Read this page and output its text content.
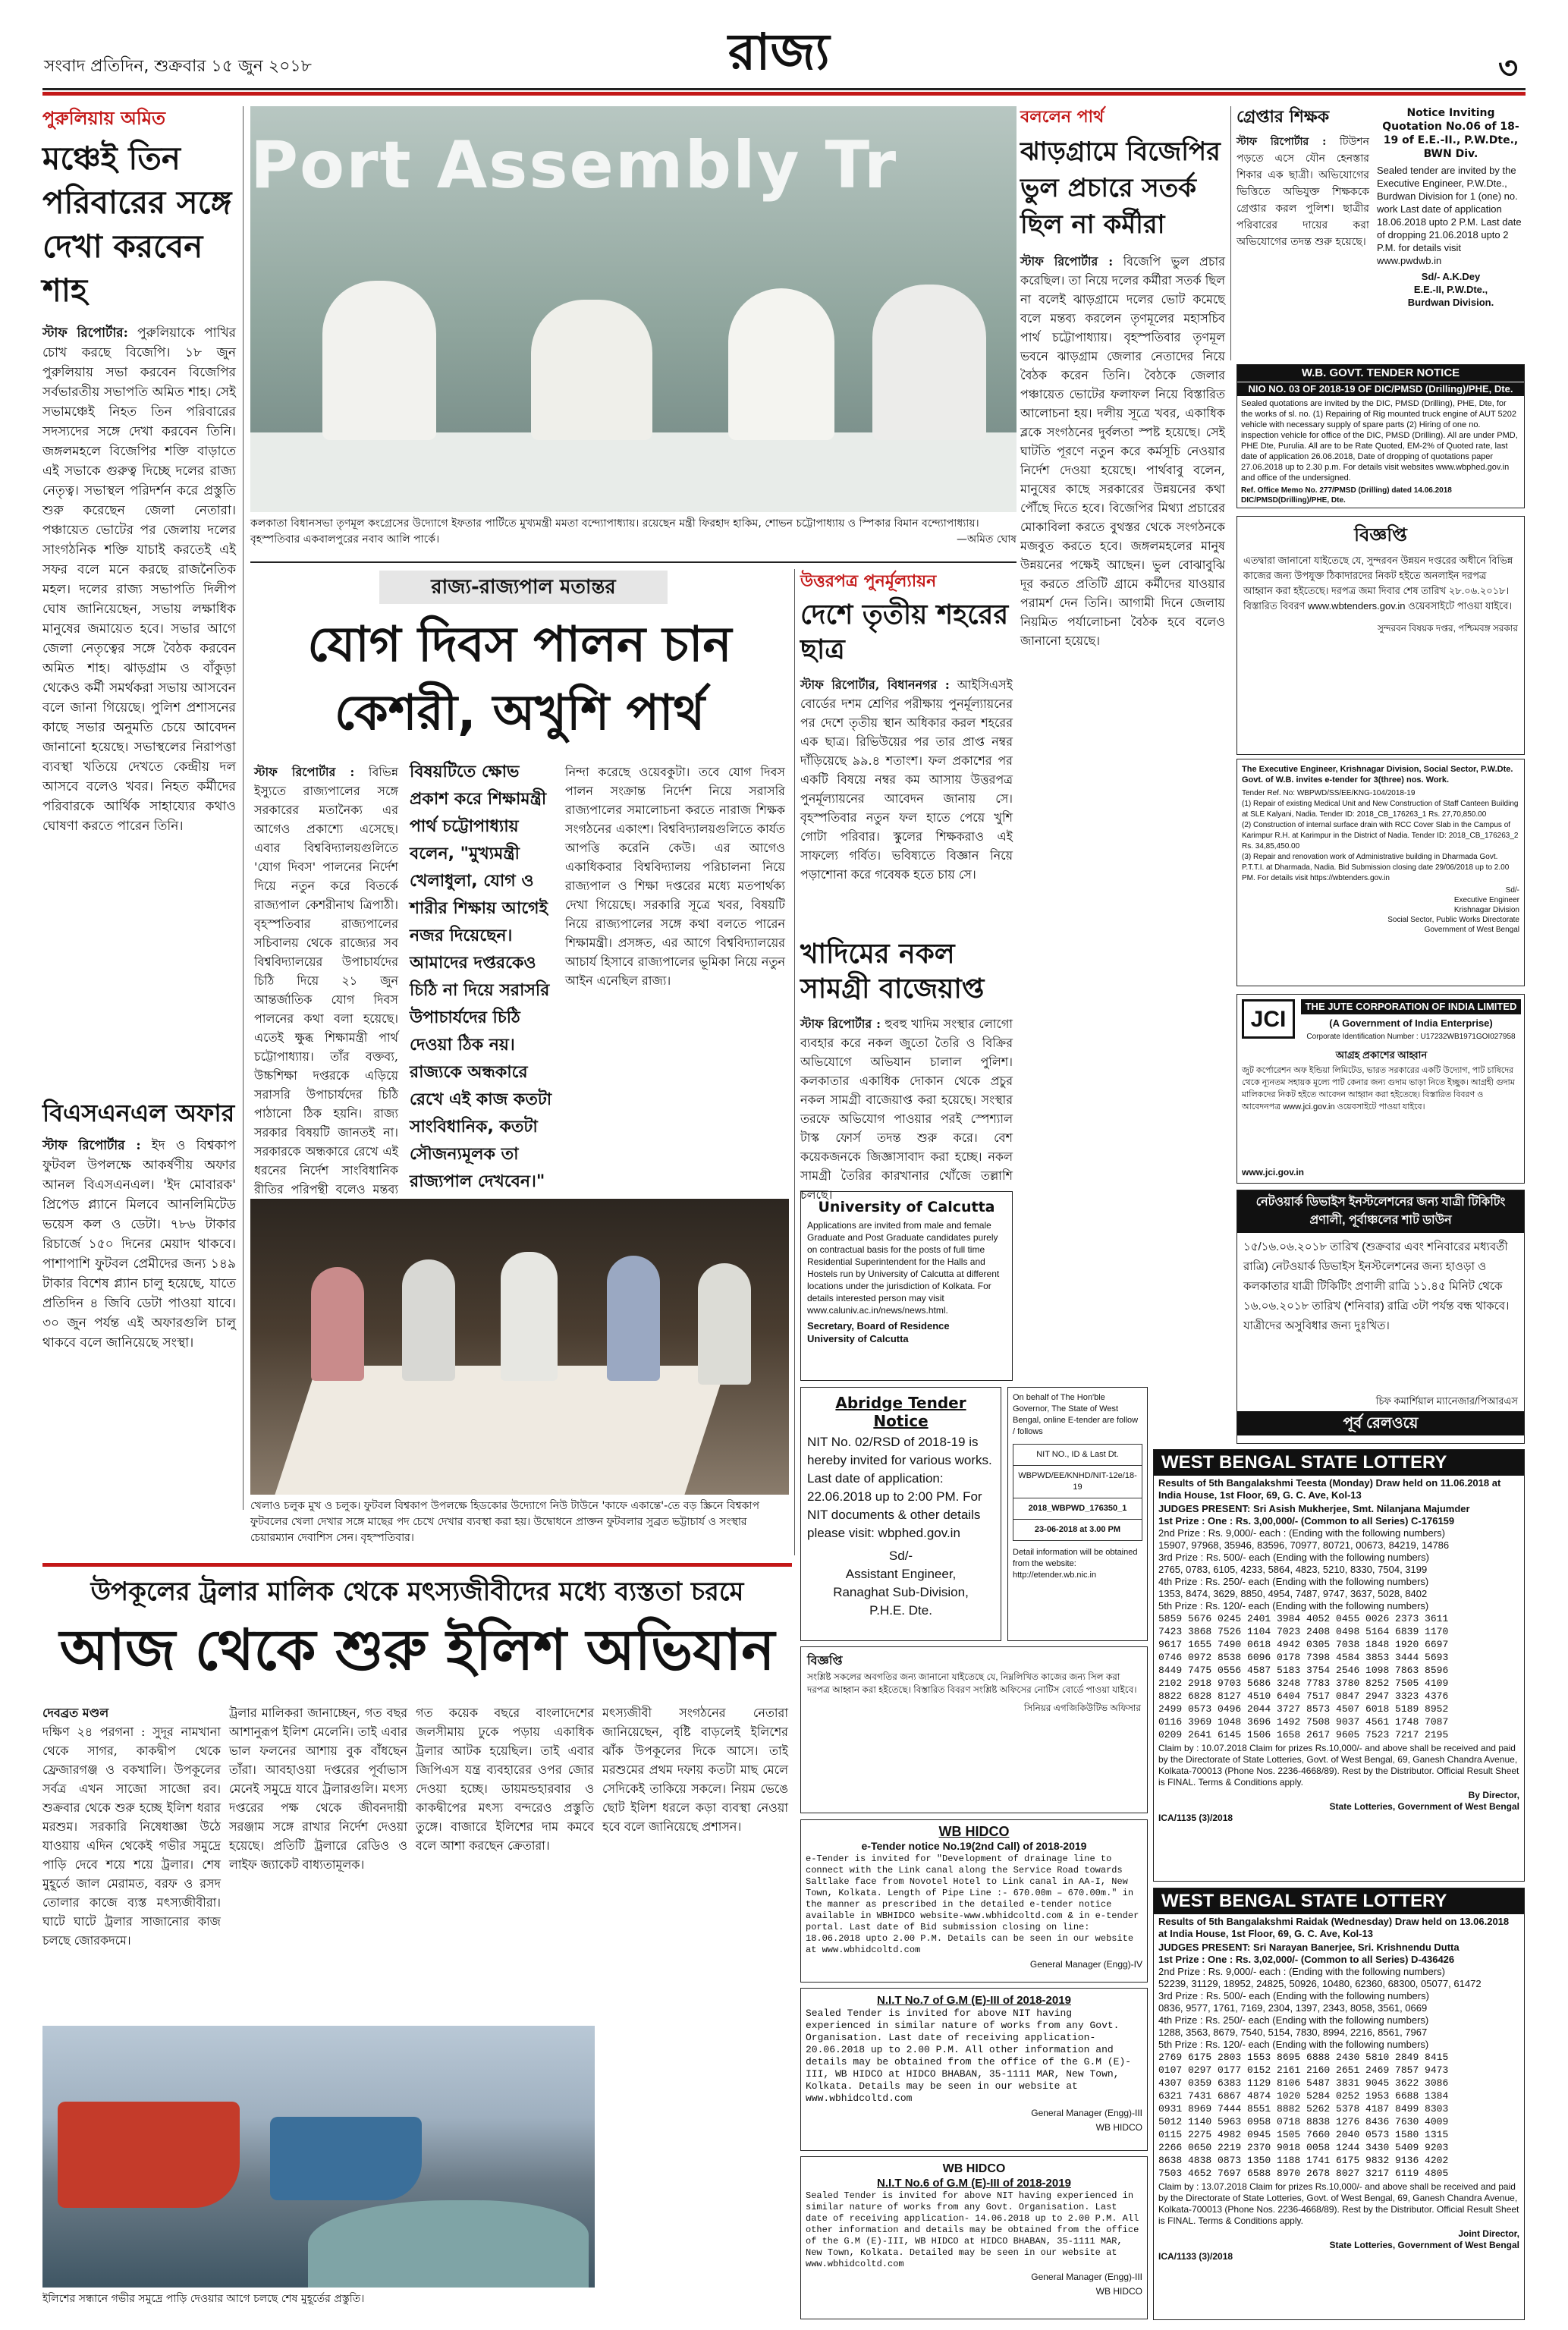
সংবাদ প্রতিদিন, শুক্রবার ১৫ জুন ২০১৮	রাজ্য	৩
পুরুলিয়ায় অমিত
মঞ্চেই তিন পরিবারের সঙ্গে দেখা করবেন শাহ
স্টাফ রিপোর্টার: পুরুলিয়াকে পাখির চোখ করছে বিজেপি। ১৮ জুন পুরুলিয়ায় সভা করবেন বিজেপির সর্বভারতীয় সভাপতি অমিত শাহ। সেই সভামঞ্চেই নিহত তিন পরিবারের সদস্যদের সঙ্গে দেখা করবেন তিনি। জঙ্গলমহলে বিজেপির শক্তি বাড়াতে এই সভাকে গুরুত্ব দিচ্ছে দলের রাজ্য নেতৃত্ব। সভাস্থল পরিদর্শন করে প্রস্তুতি শুরু করেছেন জেলা নেতারা। পঞ্চায়েত ভোটের পর জেলায় দলের সাংগঠনিক শক্তি যাচাই করতেই এই সফর বলে মনে করছে রাজনৈতিক মহল। দলের রাজ্য সভাপতি দিলীপ ঘোষ জানিয়েছেন, সভায় লক্ষাধিক মানুষের জমায়েত হবে। সভার আগে জেলা নেতৃত্বের সঙ্গে বৈঠক করবেন অমিত শাহ। ঝাড়গ্রাম ও বাঁকুড়া থেকেও কর্মী সমর্থকরা সভায় আসবেন বলে জানা গিয়েছে। পুলিশ প্রশাসনের কাছে সভার অনুমতি চেয়ে আবেদন জানানো হয়েছে। সভাস্থলের নিরাপত্তা ব্যবস্থা খতিয়ে দেখতে কেন্দ্রীয় দল আসবে বলেও খবর। নিহত কর্মীদের পরিবারকে আর্থিক সাহায্যের কথাও ঘোষণা করতে পারেন তিনি।
বিএসএনএল অফার
স্টাফ রিপোর্টার : ইদ ও বিশ্বকাপ ফুটবল উপলক্ষে আকর্ষণীয় অফার আনল বিএসএনএল। 'ইদ মোবারক' প্রিপেড প্ল্যানে মিলবে আনলিমিটেড ভয়েস কল ও ডেটা। ৭৮৬ টাকার রিচার্জে ১৫০ দিনের মেয়াদ থাকবে। পাশাপাশি ফুটবল প্রেমীদের জন্য ১৪৯ টাকার বিশেষ প্ল্যান চালু হয়েছে, যাতে প্রতিদিন ৪ জিবি ডেটা পাওয়া যাবে। ৩০ জুন পর্যন্ত এই অফারগুলি চালু থাকবে বলে জানিয়েছে সংস্থা।
Port Assembly Tr
কলকাতা বিধানসভা তৃণমূল কংগ্রেসের উদ্যোগে ইফতার পার্টিতে মুখ্যমন্ত্রী মমতা বন্দ্যোপাধ্যায়। রয়েছেন মন্ত্রী ফিরহাদ হাকিম, শোভন চট্টোপাধ্যায় ও স্পিকার বিমান বন্দ্যোপাধ্যায়। বৃহস্পতিবার একবালপুরের নবাব আলি পার্কে।	—অমিত ঘোষ
রাজ্য-রাজ্যপাল মতান্তর
যোগ দিবস পালন চান কেশরী, অখুশি পার্থ
স্টাফ রিপোর্টার : বিভিন্ন ইস্যুতে রাজ্যপালের সঙ্গে সরকারের মতানৈক্য এর আগেও প্রকাশ্যে এসেছে। এবার বিশ্ববিদ্যালয়গুলিতে 'যোগ দিবস' পালনের নির্দেশ দিয়ে নতুন করে বিতর্কে রাজ্যপাল কেশরীনাথ ত্রিপাঠী। বৃহস্পতিবার রাজ্যপালের সচিবালয় থেকে রাজ্যের সব বিশ্ববিদ্যালয়ের উপাচার্যদের চিঠি দিয়ে ২১ জুন আন্তর্জাতিক যোগ দিবস পালনের কথা বলা হয়েছে। এতেই ক্ষুব্ধ শিক্ষামন্ত্রী পার্থ চট্টোপাধ্যায়। তাঁর বক্তব্য, উচ্চশিক্ষা দপ্তরকে এড়িয়ে সরাসরি উপাচার্যদের চিঠি পাঠানো ঠিক হয়নি। রাজ্য সরকার বিষয়টি জানতই না। সরকারকে অন্ধকারে রেখে এই ধরনের নির্দেশ সাংবিধানিক রীতির পরিপন্থী বলেও মন্তব্য
বিষয়টিতে ক্ষোভ প্রকাশ করে শিক্ষামন্ত্রী পার্থ চট্টোপাধ্যায় বলেন, "মুখ্যমন্ত্রী খেলাধুলা, যোগ ও শারীর শিক্ষায় আগেই নজর দিয়েছেন। আমাদের দপ্তরকেও চিঠি না দিয়ে সরাসরি উপাচার্যদের চিঠি দেওয়া ঠিক নয়। রাজ্যকে অন্ধকারে রেখে এই কাজ কতটা সাংবিধানিক, কতটা সৌজন্যমূলক তা রাজ্যপাল দেখবেন।"
নিন্দা করেছে ওয়েবকুটা। তবে যোগ দিবস পালন সংক্রান্ত নির্দেশ নিয়ে সরাসরি রাজ্যপালের সমালোচনা করতে নারাজ শিক্ষক সংগঠনের একাংশ। বিশ্ববিদ্যালয়গুলিতে কার্যত আপত্তি করেনি কেউ। এর আগেও একাধিকবার বিশ্ববিদ্যালয় পরিচালনা নিয়ে রাজ্যপাল ও শিক্ষা দপ্তরের মধ্যে মতপার্থক্য দেখা গিয়েছে। সরকারি সূত্রে খবর, বিষয়টি নিয়ে রাজ্যপালের সঙ্গে কথা বলতে পারেন শিক্ষামন্ত্রী। প্রসঙ্গত, এর আগে বিশ্ববিদ্যালয়ের আচার্য হিসাবে রাজ্যপালের ভূমিকা নিয়ে নতুন আইন এনেছিল রাজ্য।
খেলাও চলুক মুখ ও চলুক। ফুটবল বিশ্বকাপ উপলক্ষে হিডকোর উদ্যোগে নিউ টাউনে 'কাফে একান্তে'-তে বড় স্ক্রিনে বিশ্বকাপ ফুটবলের খেলা দেখার সঙ্গে মাছের পদ চেখে দেখার ব্যবস্থা করা হয়। উদ্বোধনে প্রাক্তন ফুটবলার সুব্রত ভট্টাচার্য ও সংস্থার চেয়ারম্যান দেবাশিস সেন। বৃহস্পতিবার।
উত্তরপত্র পুনর্মূল্যায়ন
দেশে তৃতীয় শহরের ছাত্র
স্টাফ রিপোর্টার, বিধাননগর : আইসিএসই বোর্ডের দশম শ্রেণির পরীক্ষায় পুনর্মূল্যায়নের পর দেশে তৃতীয় স্থান অধিকার করল শহরের এক ছাত্র। রিভিউয়ের পর তার প্রাপ্ত নম্বর দাঁড়িয়েছে ৯৯.৪ শতাংশ। ফল প্রকাশের পর একটি বিষয়ে নম্বর কম আসায় উত্তরপত্র পুনর্মূল্যায়নের আবেদন জানায় সে। বৃহস্পতিবার নতুন ফল হাতে পেয়ে খুশি গোটা পরিবার। স্কুলের শিক্ষকরাও এই সাফল্যে গর্বিত। ভবিষ্যতে বিজ্ঞান নিয়ে পড়াশোনা করে গবেষক হতে চায় সে।
খাদিমের নকল সামগ্রী বাজেয়াপ্ত
স্টাফ রিপোর্টার : হুবহু খাদিম সংস্থার লোগো ব্যবহার করে নকল জুতো তৈরি ও বিক্রির অভিযোগে অভিযান চালাল পুলিশ। কলকাতার একাধিক দোকান থেকে প্রচুর নকল সামগ্রী বাজেয়াপ্ত করা হয়েছে। সংস্থার তরফে অভিযোগ পাওয়ার পরই স্পেশ্যাল টাস্ক ফোর্স তদন্ত শুরু করে। বেশ কয়েকজনকে জিজ্ঞাসাবাদ করা হচ্ছে। নকল সামগ্রী তৈরির কারখানার খোঁজে তল্লাশি চলছে।
University of Calcutta
Applications are invited from male and female Graduate and Post Graduate candidates purely on contractual basis for the posts of full time Residential Superintendent for the Halls and Hostels run by University of Calcutta at different locations under the jurisdiction of Kolkata. For details interested person may visit www.caluniv.ac.in/news/news.html.
Secretary, Board of Residence
University of Calcutta
Abridge Tender Notice
NIT No. 02/RSD of 2018-19 is hereby invited for various works. Last date of application: 22.06.2018 up to 2:00 PM. For NIT documents & other details please visit: wbphed.gov.in
Sd/-
Assistant Engineer,
Ranaghat Sub-Division,
P.H.E. Dte.
On behalf of The Hon'ble Governor, The State of West Bengal, online E-tender are follow / follows
NIT NO., ID & Last Dt.
WBPWD/EE/KNHD/NIT-12e/18-19
2018_WBPWD_176350_1
23-06-2018 at 3.00 PM
Detail information will be obtained from the website: http://etender.wb.nic.in
বিজ্ঞপ্তি
সংশ্লিষ্ট সকলের অবগতির জন্য জানানো যাইতেছে যে, নিম্নলিখিত কাজের জন্য সিল করা দরপত্র আহ্বান করা হইতেছে। বিস্তারিত বিবরণ সংশ্লিষ্ট অফিসের নোটিস বোর্ডে পাওয়া যাইবে।
সিনিয়র এগজিকিউটিভ অফিসার
বললেন পার্থ
ঝাড়গ্রামে বিজেপির ভুল প্রচারে সতর্ক ছিল না কর্মীরা
স্টাফ রিপোর্টার : বিজেপি ভুল প্রচার করেছিল। তা নিয়ে দলের কর্মীরা সতর্ক ছিল না বলেই ঝাড়গ্রামে দলের ভোট কমেছে বলে মন্তব্য করলেন তৃণমূলের মহাসচিব পার্থ চট্টোপাধ্যায়। বৃহস্পতিবার তৃণমূল ভবনে ঝাড়গ্রাম জেলার নেতাদের নিয়ে বৈঠক করেন তিনি। বৈঠকে জেলার পঞ্চায়েত ভোটের ফলাফল নিয়ে বিস্তারিত আলোচনা হয়। দলীয় সূত্রে খবর, একাধিক ব্লকে সংগঠনের দুর্বলতা স্পষ্ট হয়েছে। সেই ঘাটতি পূরণে নতুন করে কর্মসূচি নেওয়ার নির্দেশ দেওয়া হয়েছে। পার্থবাবু বলেন, মানুষের কাছে সরকারের উন্নয়নের কথা পৌঁছে দিতে হবে। বিজেপির মিথ্যা প্রচারের মোকাবিলা করতে বুথস্তর থেকে সংগঠনকে মজবুত করতে হবে। জঙ্গলমহলের মানুষ উন্নয়নের পক্ষেই আছেন। ভুল বোঝাবুঝি দূর করতে প্রতিটি গ্রামে কর্মীদের যাওয়ার পরামর্শ দেন তিনি। আগামী দিনে জেলায় নিয়মিত পর্যালোচনা বৈঠক হবে বলেও জানানো হয়েছে।
গ্রেপ্তার শিক্ষক
স্টাফ রিপোর্টার : টিউশন পড়তে এসে যৌন হেনস্তার শিকার এক ছাত্রী। অভিযোগের ভিত্তিতে অভিযুক্ত শিক্ষককে গ্রেপ্তার করল পুলিশ। ছাত্রীর পরিবারের দায়ের করা অভিযোগের তদন্ত শুরু হয়েছে।
Notice Inviting Quotation No.06 of 18-19 of E.E.-II., P.W.Dte., BWN Div.
Sealed tender are invited by the Executive Engineer, P.W.Dte., Burdwan Division for 1 (one) no. work Last date of application 18.06.2018 upto 2 P.M. Last date of dropping 21.06.2018 upto 2 P.M. for details visit www.pwdwb.in
Sd/- A.K.Dey
E.E.-II, P.W.Dte.,
Burdwan Division.
W.B. GOVT. TENDER NOTICE
NIO NO. 03 OF 2018-19 OF DIC/PMSD (Drilling)/PHE, Dte.
Sealed quotations are invited by the DIC, PMSD (Drilling), PHE, Dte, for the works of sl. no. (1) Repairing of Rig mounted truck engine of AUT 5202 vehicle with necessary supply of spare parts (2) Hiring of one no. inspection vehicle for office of the DIC, PMSD (Drilling). All are under PMD, PHE Dte, Purulia. All are to be Rate Quoted, EM-2% of Quoted rate, last date of application 26.06.2018, Date of dropping of quotations paper 27.06.2018 up to 2.30 p.m. For details visit websites www.wbphed.gov.in and office of the undersigned.
Ref. Office Memo No. 277/PMSD (Drilling) dated 14.06.2018 DIC/PMSD(Drilling)/PHE, Dte.
বিজ্ঞপ্তি
এতদ্বারা জানানো যাইতেছে যে, সুন্দরবন উন্নয়ন দপ্তরের অধীনে বিভিন্ন কাজের জন্য উপযুক্ত ঠিকাদারদের নিকট হইতে অনলাইন দরপত্র আহ্বান করা হইতেছে। দরপত্র জমা দিবার শেষ তারিখ ২৮.০৬.২০১৮। বিস্তারিত বিবরণ www.wbtenders.gov.in ওয়েবসাইটে পাওয়া যাইবে।
সুন্দরবন বিষয়ক দপ্তর, পশ্চিমবঙ্গ সরকার
The Executive Engineer, Krishnagar Division, Social Sector, P.W.Dte. Govt. of W.B. invites e-tender for 3(three) nos. Work.
Tender Ref. No: WBPWD/SS/EE/KNG-104/2018-19
(1) Repair of existing Medical Unit and New Construction of Staff Canteen Building at SLE Kalyani, Nadia. Tender ID: 2018_CB_176263_1 Rs. 27,70,850.00
(2) Construction of internal surface drain with RCC Cover Slab in the Campus of Karimpur R.H. at Karimpur in the District of Nadia. Tender ID: 2018_CB_176263_2 Rs. 34,85,450.00
(3) Repair and renovation work of Administrative building in Dharmada Govt. P.T.T.I. at Dharmada, Nadia. Bid Submission closing date 29/06/2018 up to 2.00 PM. For details visit https://wbtenders.gov.in
Sd/-
Executive Engineer
Krishnagar Division
Social Sector, Public Works Directorate
Government of West Bengal
JCI
THE JUTE CORPORATION OF INDIA LIMITED
(A Government of India Enterprise)
Corporate Identification Number : U17232WB1971GOI027958
আগ্রহ প্রকাশের আহ্বান
জুট কর্পোরেশন অফ ইন্ডিয়া লিমিটেড, ভারত সরকারের একটি উদ্যোগ, পাট চাষিদের থেকে ন্যূনতম সহায়ক মূল্যে পাট কেনার জন্য গুদাম ভাড়া নিতে ইচ্ছুক। আগ্রহী গুদাম মালিকদের নিকট হইতে আবেদন আহ্বান করা হইতেছে। বিস্তারিত বিবরণ ও আবেদনপত্র www.jci.gov.in ওয়েবসাইটে পাওয়া যাইবে।
www.jci.gov.in
নেটওয়ার্ক ডিভাইস ইনস্টলেশনের জন্য যাত্রী টিকিটিং প্রণালী, পূর্বাঞ্চলের শাট ডাউন
১৫/১৬.০৬.২০১৮ তারিখ (শুক্রবার এবং শনিবারের মধ্যবর্তী রাত্রি) নেটওয়ার্ক ডিভাইস ইনস্টলেশনের জন্য হাওড়া ও কলকাতার যাত্রী টিকিটিং প্রণালী রাত্রি ১১.৪৫ মিনিট থেকে ১৬.০৬.২০১৮ তারিখ (শনিবার) রাত্রি ৩টা পর্যন্ত বন্ধ থাকবে। যাত্রীদের অসুবিধার জন্য দুঃখিত।
চিফ কমার্শিয়াল ম্যানেজার/পিআরএস
পূর্ব রেলওয়ে
WEST BENGAL STATE LOTTERY
Results of 5th Bangalakshmi Teesta (Monday) Draw held on 11.06.2018 at India House, 1st Floor, 69, G. C. Ave, Kol-13
JUDGES PRESENT: Sri Asish Mukherjee, Smt. Nilanjana Majumder
1st Prize : One : Rs. 3,00,000/- (Common to all Series) C-176159
2nd Prize : Rs. 9,000/- each : (Ending with the following numbers)
15907, 97968, 35946, 83596, 70977, 80721, 00673, 84219, 14786
3rd Prize : Rs. 500/- each (Ending with the following numbers)
2765, 0783, 6105, 4233, 5864, 4823, 5210, 8330, 7504, 3199
4th Prize : Rs. 250/- each (Ending with the following numbers)
1353, 8474, 3629, 8850, 4954, 7487, 9747, 3637, 5028, 8402
5th Prize : Rs. 120/- each (Ending with the following numbers)
5859 5676 0245 2401 3984 4052 0455 0026 2373 3611
7423 3868 7526 1104 7023 2408 0498 5164 6839 1170
9617 1655 7490 0618 4942 0305 7038 1848 1920 6697
0746 0972 8538 6096 0178 7398 4584 3853 3444 5693
8449 7475 0556 4587 5183 3754 2546 1098 7863 8596
2102 2918 9703 5686 3248 7783 3780 8252 7505 4109
8822 6828 8127 4510 6404 7517 0847 2947 3323 4376
2499 0573 0496 2044 3727 8573 4507 6018 5189 8952
0116 3969 1048 3696 1492 7508 9037 4561 1748 7087
0209 2641 6145 1506 1658 2617 9605 7523 7217 2195
Claim by : 10.07.2018 Claim for prizes Rs.10,000/- and above shall be received and paid by the Directorate of State Lotteries, Govt. of West Bengal, 69, Ganesh Chandra Avenue, Kolkata-700013 (Phone Nos. 2236-4668/89). Rest by the Distributor. Official Result Sheet is FINAL. Terms & Conditions apply.
By Director,
State Lotteries, Government of West Bengal
ICA/1135 (3)/2018
WEST BENGAL STATE LOTTERY
Results of 5th Bangalakshmi Raidak (Wednesday) Draw held on 13.06.2018 at India House, 1st Floor, 69, G. C. Ave, Kol-13
JUDGES PRESENT: Sri Narayan Banerjee, Sri. Krishnendu Dutta
1st Prize : One : Rs. 3,02,000/- (Common to all Series) D-436426
2nd Prize : Rs. 9,000/- each : (Ending with the following numbers)
52239, 31129, 18952, 24825, 50926, 10480, 62360, 68300, 05077, 61472
3rd Prize : Rs. 500/- each (Ending with the following numbers)
0836, 9577, 1761, 7169, 2304, 1397, 2343, 8058, 3561, 0669
4th Prize : Rs. 250/- each (Ending with the following numbers)
1288, 3563, 8679, 7540, 5154, 7830, 8994, 2216, 8561, 7967
5th Prize : Rs. 120/- each (Ending with the following numbers)
2769 6175 2803 1553 8695 6888 2430 5810 2849 8415
0107 0297 0177 0152 2161 2160 2651 2469 7857 9473
4307 0359 6383 1129 8106 5487 3831 9045 3622 3086
6321 7431 6867 4874 1020 5284 0252 1953 6688 1384
0931 8969 7444 8551 8882 5262 5378 4187 8499 8303
5012 1140 5963 0958 0718 8838 1276 8436 7630 4009
0115 2275 4982 0945 1505 7660 2040 0573 1580 1315
2266 0650 2219 2370 9018 0058 1244 3430 5409 9203
8638 4838 0873 1350 1188 1741 6175 9832 9136 4202
7503 4652 7697 6588 8970 2678 8027 3217 6119 4805
Claim by : 13.07.2018 Claim for prizes Rs.10,000/- and above shall be received and paid by the Directorate of State Lotteries, Govt. of West Bengal, 69, Ganesh Chandra Avenue, Kolkata-700013 (Phone Nos. 2236-4668/89). Rest by the Distributor. Official Result Sheet is FINAL. Terms & Conditions apply.
Joint Director,
State Lotteries, Government of West Bengal
ICA/1133 (3)/2018
উপকূলের ট্রলার মালিক থেকে মৎস্যজীবীদের মধ্যে ব্যস্ততা চরমে
আজ থেকে শুরু ইলিশ অভিযান
দেবব্রত মণ্ডল
দক্ষিণ ২৪ পরগনা : সুদূর নামখানা থেকে সাগর, কাকদ্বীপ থেকে ফ্রেজারগঞ্জ ও বকখালি। উপকূলের সর্বত্র এখন সাজো সাজো রব। শুক্রবার থেকে শুরু হচ্ছে ইলিশ ধরার মরশুম। সরকারি নিষেধাজ্ঞা উঠে যাওয়ায় এদিন থেকেই গভীর সমুদ্রে পাড়ি দেবে শয়ে শয়ে ট্রলার। শেষ মুহূর্তে জাল মেরামত, বরফ ও রসদ তোলার কাজে ব্যস্ত মৎস্যজীবীরা। ঘাটে ঘাটে ট্রলার সাজানোর কাজ চলছে জোরকদমে।
ট্রলার মালিকরা জানাচ্ছেন, গত বছর আশানুরূপ ইলিশ মেলেনি। তাই এবার ভাল ফলনের আশায় বুক বাঁধছেন তাঁরা। আবহাওয়া দপ্তরের পূর্বাভাস মেনেই সমুদ্রে যাবে ট্রলারগুলি। মৎস্য দপ্তরের পক্ষ থেকে জীবনদায়ী সরঞ্জাম সঙ্গে রাখার নির্দেশ দেওয়া হয়েছে। প্রতিটি ট্রলারে রেডিও ও লাইফ জ্যাকেট বাধ্যতামূলক।
গত কয়েক বছরে বাংলাদেশের জলসীমায় ঢুকে পড়ায় একাধিক ট্রলার আটক হয়েছিল। তাই এবার জিপিএস যন্ত্র ব্যবহারের ওপর জোর দেওয়া হচ্ছে। ডায়মন্ডহারবার ও কাকদ্বীপের মৎস্য বন্দরেও প্রস্তুতি তুঙ্গে। বাজারে ইলিশের দাম কমবে বলে আশা করছেন ক্রেতারা।
মৎস্যজীবী সংগঠনের নেতারা জানিয়েছেন, বৃষ্টি বাড়লেই ইলিশের ঝাঁক উপকূলের দিকে আসে। তাই মরশুমের প্রথম দফায় কতটা মাছ মেলে সেদিকেই তাকিয়ে সকলে। নিয়ম ভেঙে ছোট ইলিশ ধরলে কড়া ব্যবস্থা নেওয়া হবে বলে জানিয়েছে প্রশাসন।
ইলিশের সন্ধানে গভীর সমুদ্রে পাড়ি দেওয়ার আগে চলছে শেষ মুহূর্তের প্রস্তুতি।
WB HIDCO
e-Tender notice No.19(2nd Call) of 2018-2019
e-Tender is invited for "Development of drainage line to connect with the Link canal along the Service Road towards Saltlake face from Novotel Hotel to Link canal in AA-I, New Town, Kolkata. Length of Pipe Line :- 670.00m – 670.00m." in the manner as prescribed in the detailed e-tender notice available in WBHIDCO website-www.wbhidcoltd.com & in e-tender portal. Last date of Bid submission closing on line: 18.06.2018 upto 2.00 P.M. Details can be seen in our website at www.wbhidcoltd.com
General Manager (Engg)-IV
N.I.T No.7 of G.M (E)-III of 2018-2019
Sealed Tender is invited for above NIT having experienced in similar nature of works from any Govt. Organisation. Last date of receiving application- 20.06.2018 up to 2.00 P.M. All other information and details may be obtained from the office of the G.M (E)-III, WB HIDCO at HIDCO BHABAN, 35-1111 MAR, New Town, Kolkata. Details may be seen in our website at www.wbhidcoltd.com
General Manager (Engg)-III
WB HIDCO
WB HIDCO
N.I.T No.6 of G.M (E)-III of 2018-2019
Sealed Tender is invited for above NIT having experienced in similar nature of works from any Govt. Organisation. Last date of receiving application- 14.06.2018 up to 2.00 P.M. All other information and details may be obtained from the office of the G.M (E)-III, WB HIDCO at HIDCO BHABAN, 35-1111 MAR, New Town, Kolkata. Detailed may be seen in our website at www.wbhidcoltd.com
General Manager (Engg)-III
WB HIDCO
